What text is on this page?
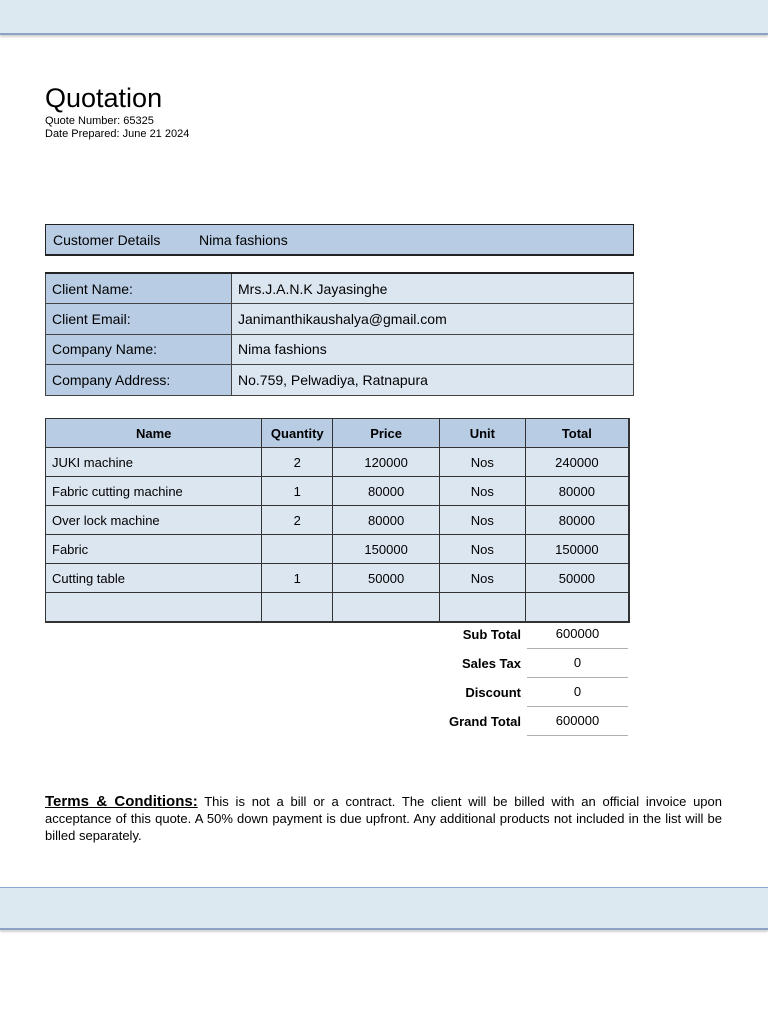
Quotation
Quote Number: 65325
Date Prepared: June 21 2024
Customer Details	Nima fashions
Client Name:	Mrs.J.A.N.K Jayasinghe
Client Email:	Janimanthikaushalya@gmail.com
Company Name:	Nima fashions
Company Address:	No.759, Pelwadiya, Ratnapura
Name	Quantity	Price	Unit	Total
JUKI machine	2	120000	Nos	240000
Fabric cutting machine	1	80000	Nos	80000
Over lock machine	2	80000	Nos	80000
Fabric		150000	Nos	150000
Cutting table	1	50000	Nos	50000

Sub Total	600000
Sales Tax	0
Discount	0
Grand Total	600000

Terms & Conditions: This is not a bill or a contract. The client will be billed with an official invoice upon acceptance of this quote. A 50% down payment is due upfront. Any additional products not included in the list will be billed separately.
